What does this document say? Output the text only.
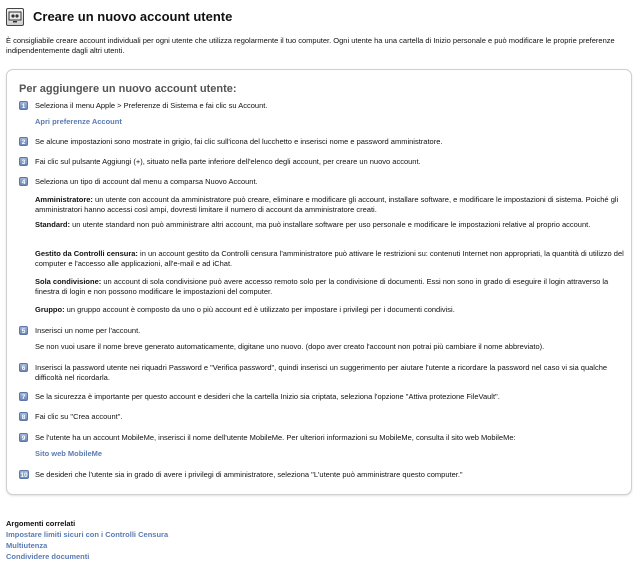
Creare un nuovo account utente
È consigliabile creare account individuali per ogni utente che utilizza regolarmente il tuo computer. Ogni utente ha una cartella di Inizio personale e può modificare le proprie preferenze indipendentemente dagli altri utenti.
Per aggiungere un nuovo account utente:
1	Seleziona il menu Apple > Preferenze di Sistema e fai clic su Account.
Apri preferenze Account
2	Se alcune impostazioni sono mostrate in grigio, fai clic sull'icona del lucchetto e inserisci nome e password amministratore.
3	Fai clic sul pulsante Aggiungi (+), situato nella parte inferiore dell'elenco degli account, per creare un nuovo account.
4	Seleziona un tipo di account dal menu a comparsa Nuovo Account.
Amministratore: un utente con account da amministratore può creare, eliminare e modificare gli account, installare software, e modificare le impostazioni di sistema. Poiché gli amministratori hanno accessi così ampi, dovresti limitare il numero di account da amministratore creati.
Standard: un utente standard non può amministrare altri account, ma può installare software per uso personale e modificare le impostazioni relative al proprio account.
Gestito da Controlli censura: in un account gestito da Controlli censura l'amministratore può attivare le restrizioni su: contenuti Internet non appropriati, la quantità di utilizzo del computer e l'accesso alle applicazioni, all'e-mail e ad iChat.
Sola condivisione: un account di sola condivisione può avere accesso remoto solo per la condivisione di documenti. Essi non sono in grado di eseguire il login attraverso la finestra di login e non possono modificare le impostazioni del computer.
Gruppo: un gruppo account è composto da uno o più account ed è utilizzato per impostare i privilegi per i documenti condivisi.
5	Inserisci un nome per l'account.
Se non vuoi usare il nome breve generato automaticamente, digitane uno nuovo. (dopo aver creato l'account non potrai più cambiare il nome abbreviato).
6	Inserisci la password utente nei riquadri Password e "Verifica password", quindi inserisci un suggerimento per aiutare l'utente a ricordare la password nel caso vi sia qualche difficoltà nel ricordarla.
7	Se la sicurezza è importante per questo account e desideri che la cartella Inizio sia criptata, seleziona l'opzione "Attiva protezione FileVault".
8	Fai clic su "Crea account".
9	Se l'utente ha un account MobileMe, inserisci il nome dell'utente MobileMe. Per ulteriori informazioni su MobileMe, consulta il sito web MobileMe:
Sito web MobileMe
10 Se desideri che l'utente sia in grado di avere i privilegi di amministratore, seleziona "L'utente può amministrare questo computer."
Argomenti correlati
Impostare limiti sicuri con i Controlli Censura
Multiutenza
Condividere documenti
